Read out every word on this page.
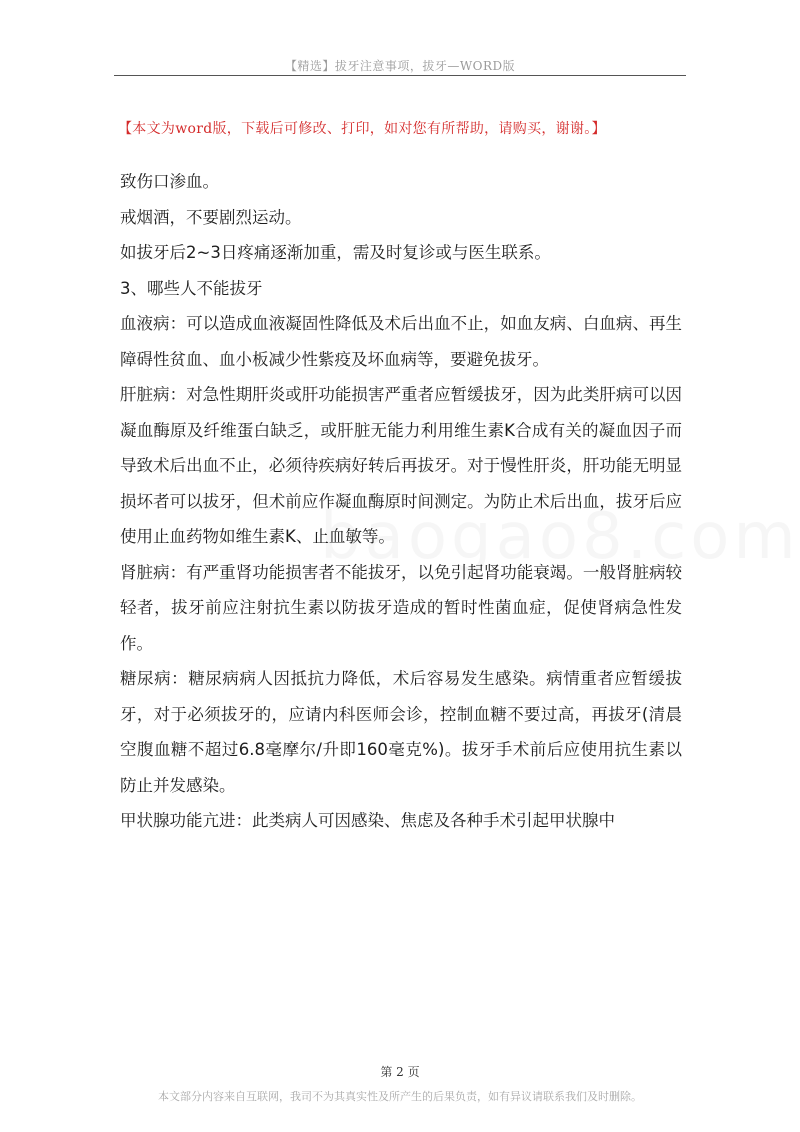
【精选】拔牙注意事项，拔牙—WORD版
【本文为word版，下载后可修改、打印，如对您有所帮助，请购买，谢谢。】

致伤口渗血。

戒烟酒，不要剧烈运动。

如拔牙后2~3日疼痛逐渐加重，需及时复诊或与医生联系。

3、哪些人不能拔牙

血液病：可以造成血液凝固性降低及术后出血不止，如血友病、白血病、再生障碍性贫血、血小板减少性紫疫及坏血病等，要避免拔牙。

肝脏病：对急性期肝炎或肝功能损害严重者应暂缓拔牙，因为此类肝病可以因凝血酶原及纤维蛋白缺乏，或肝脏无能力利用维生素K合成有关的凝血因子而导致术后出血不止，必须待疾病好转后再拔牙。对于慢性肝炎，肝功能无明显损坏者可以拔牙，但术前应作凝血酶原时间测定。为防止术后出血，拔牙后应使用止血药物如维生素K、止血敏等。

肾脏病：有严重肾功能损害者不能拔牙，以免引起肾功能衰竭。一般肾脏病较轻者，拔牙前应注射抗生素以防拔牙造成的暂时性菌血症，促使肾病急性发作。

糖尿病：糖尿病病人因抵抗力降低，术后容易发生感染。病情重者应暂缓拔牙，对于必须拔牙的，应请内科医师会诊，控制血糖不要过高，再拔牙(清晨空腹血糖不超过6.8毫摩尔/升即160毫克%)。拔牙手术前后应使用抗生素以防止并发感染。

甲状腺功能亢进：此类病人可因感染、焦虑及各种手术引起甲状腺中

第 2 页
本文部分内容来自互联网，我司不为其真实性及所产生的后果负责，如有异议请联系我们及时删除。
